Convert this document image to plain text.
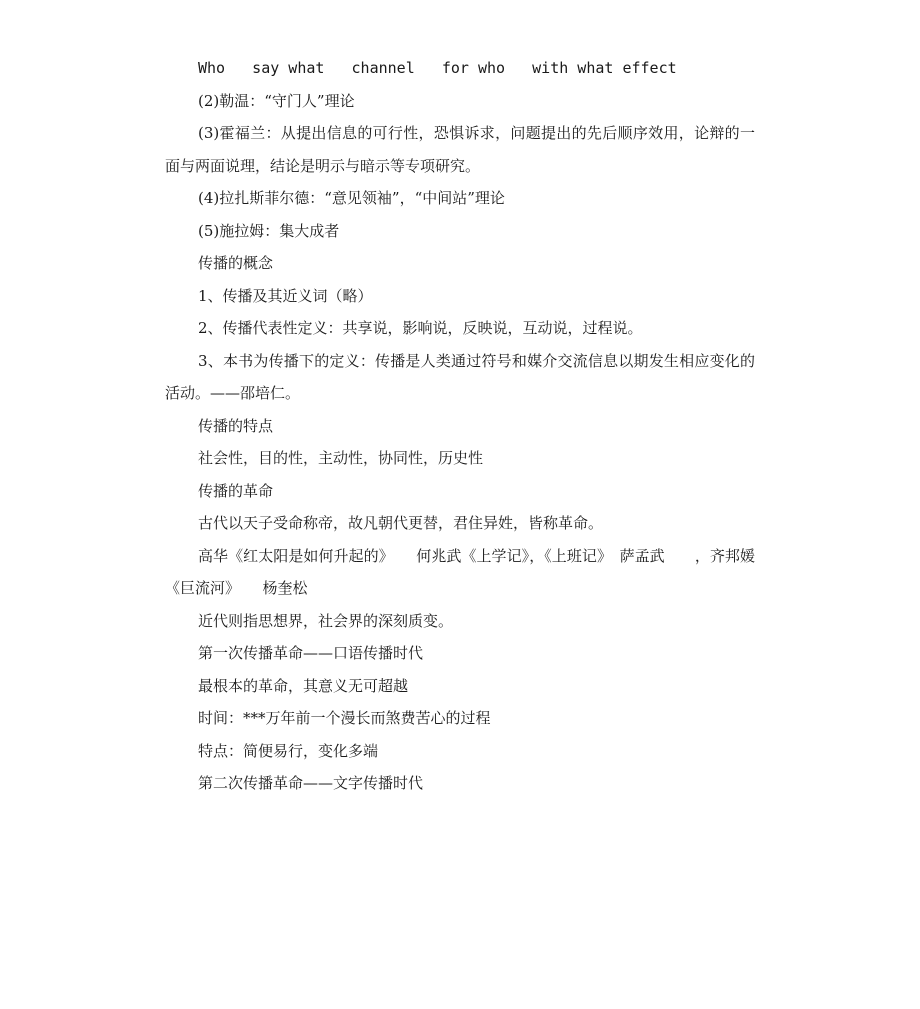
Who   say what   channel   for who   with what effect

(2)勒温：“守门人”理论

(3)霍福兰：从提出信息的可行性，恐惧诉求，问题提出的先后顺序效用，论辩的一面与两面说理，结论是明示与暗示等专项研究。

(4)拉扎斯菲尔德：“意见领袖”，“中间站”理论

(5)施拉姆：集大成者

传播的概念

1、传播及其近义词（略）

2、传播代表性定义：共享说，影响说，反映说，互动说，过程说。

3、本书为传播下的定义：传播是人类通过符号和媒介交流信息以期发生相应变化的活动。——邵培仁。

传播的特点

社会性，目的性，主动性，协同性，历史性

传播的革命

古代以天子受命称帝，故凡朝代更替，君住异姓，皆称革命。

高华《红太阳是如何升起的》　　何兆武《上学记》，《上班记》　萨孟武　　，齐邦媛《巨流河》　　杨奎松

近代则指思想界，社会界的深刻质变。

第一次传播革命——口语传播时代

最根本的革命，其意义无可超越

时间：***万年前一个漫长而煞费苦心的过程

特点：简便易行，变化多端

第二次传播革命——文字传播时代
